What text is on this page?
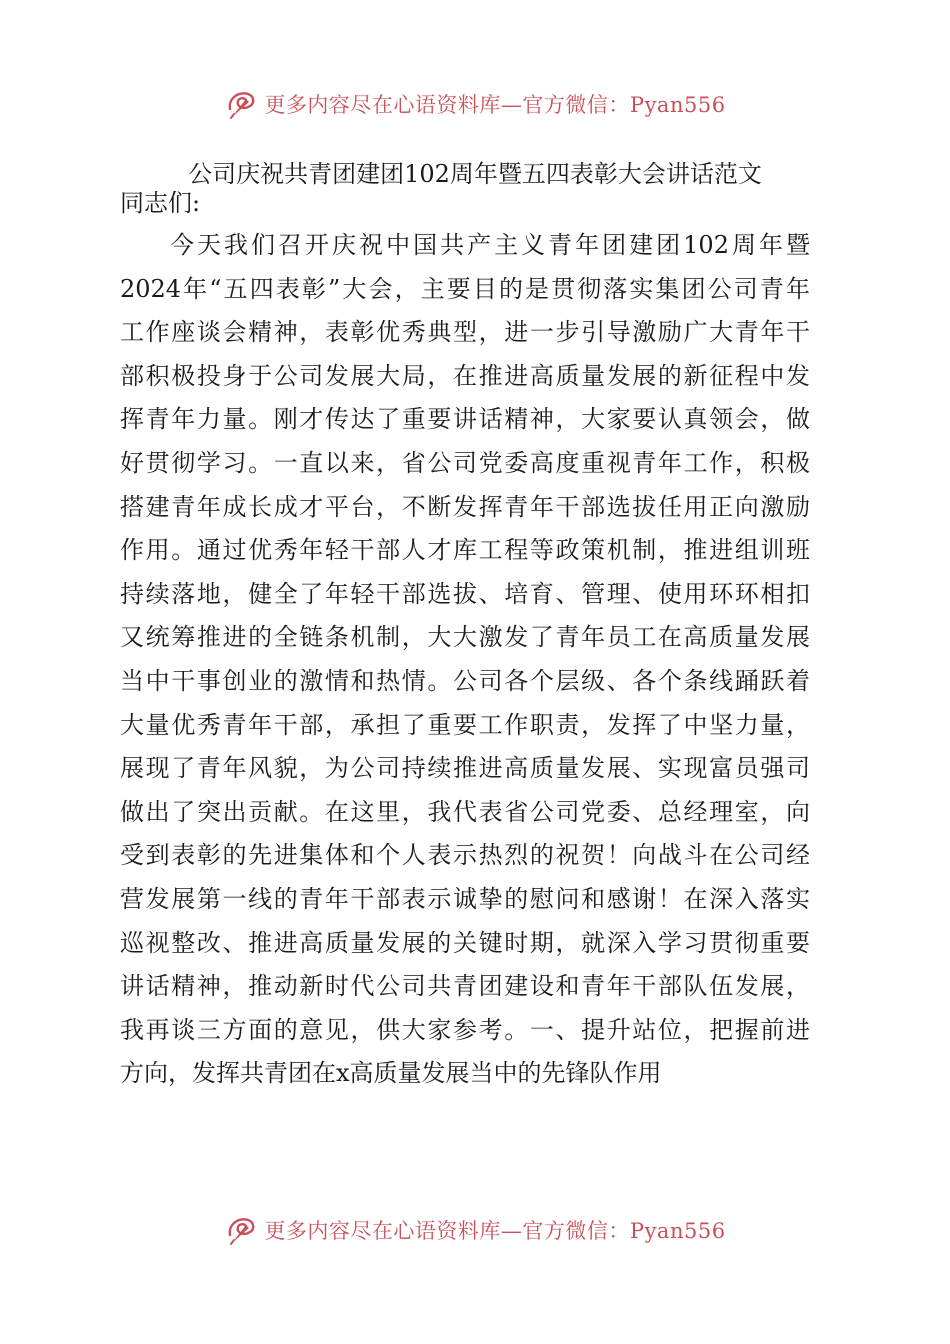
更多内容尽在心语资料库—官方微信：Pyan556
公司庆祝共青团建团102周年暨五四表彰大会讲话范文
同志们:
今天我们召开庆祝中国共产主义青年团建团102周年暨
2024年“五四表彰”大会，主要目的是贯彻落实集团公司青年
工作座谈会精神，表彰优秀典型，进一步引导激励广大青年干
部积极投身于公司发展大局，在推进高质量发展的新征程中发
挥青年力量。刚才传达了重要讲话精神，大家要认真领会，做
好贯彻学习。一直以来，省公司党委高度重视青年工作，积极
搭建青年成长成才平台，不断发挥青年干部选拔任用正向激励
作用。通过优秀年轻干部人才库工程等政策机制，推进组训班
持续落地，健全了年轻干部选拔、培育、管理、使用环环相扣
又统筹推进的全链条机制，大大激发了青年员工在高质量发展
当中干事创业的激情和热情。公司各个层级、各个条线踊跃着
大量优秀青年干部，承担了重要工作职责，发挥了中坚力量，
展现了青年风貌，为公司持续推进高质量发展、实现富员强司
做出了突出贡献。在这里，我代表省公司党委、总经理室，向
受到表彰的先进集体和个人表示热烈的祝贺！向战斗在公司经
营发展第一线的青年干部表示诚挚的慰问和感谢！在深入落实
巡视整改、推进高质量发展的关键时期，就深入学习贯彻重要
讲话精神，推动新时代公司共青团建设和青年干部队伍发展，
我再谈三方面的意见，供大家参考。一、提升站位，把握前进
方向，发挥共青团在x高质量发展当中的先锋队作用
更多内容尽在心语资料库—官方微信：Pyan556
